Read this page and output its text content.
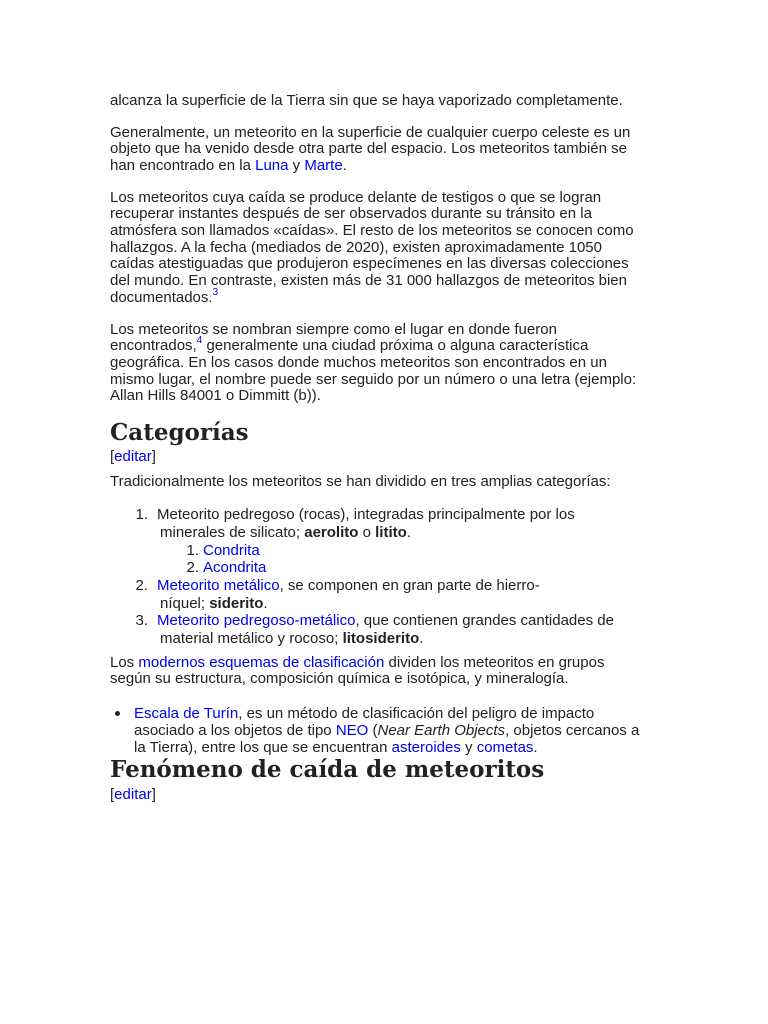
alcanza la superficie de la Tierra sin que se haya vaporizado completamente.
Generalmente, un meteorito en la superficie de cualquier cuerpo celeste es un
objeto que ha venido desde otra parte del espacio. Los meteoritos también se
han encontrado en la Luna y Marte.
Los meteoritos cuya caída se produce delante de testigos o que se logran
recuperar instantes después de ser observados durante su tránsito en la
atmósfera son llamados «caídas». El resto de los meteoritos se conocen como
hallazgos. A la fecha (mediados de 2020), existen aproximadamente 1050
caídas atestiguadas que produjeron especímenes en las diversas colecciones
del mundo. En contraste, existen más de 31 000 hallazgos de meteoritos bien
documentados.$^3$
Los meteoritos se nombran siempre como el lugar en donde fueron
encontrados,$^4$ generalmente una ciudad próxima o alguna característica
geográfica. En los casos donde muchos meteoritos son encontrados en un
mismo lugar, el nombre puede ser seguido por un número o una letra (ejemplo:
Allan Hills 84001 o Dimmitt (b)).
Categorías
[editar]
Tradicionalmente los meteoritos se han dividido en tres amplias categorías:
1. Meteorito pedregoso (rocas), integradas principalmente por los
minerales de silicato; aerolito o litito.
1. Condrita
2. Acondrita
2. Meteorito metálico, se componen en gran parte de hierro-
níquel; siderito.
3. Meteorito pedregoso-metálico, que contienen grandes cantidades de
material metálico y rocoso; litosiderito.
Los modernos esquemas de clasificación dividen los meteoritos en grupos
según su estructura, composición química e isotópica, y mineralogía.
Escala de Turín, es un método de clasificación del peligro de impacto
asociado a los objetos de tipo NEO (Near Earth Objects, objetos cercanos a
la Tierra), entre los que se encuentran asteroides y cometas.
Fenómeno de caída de meteoritos
[editar]
